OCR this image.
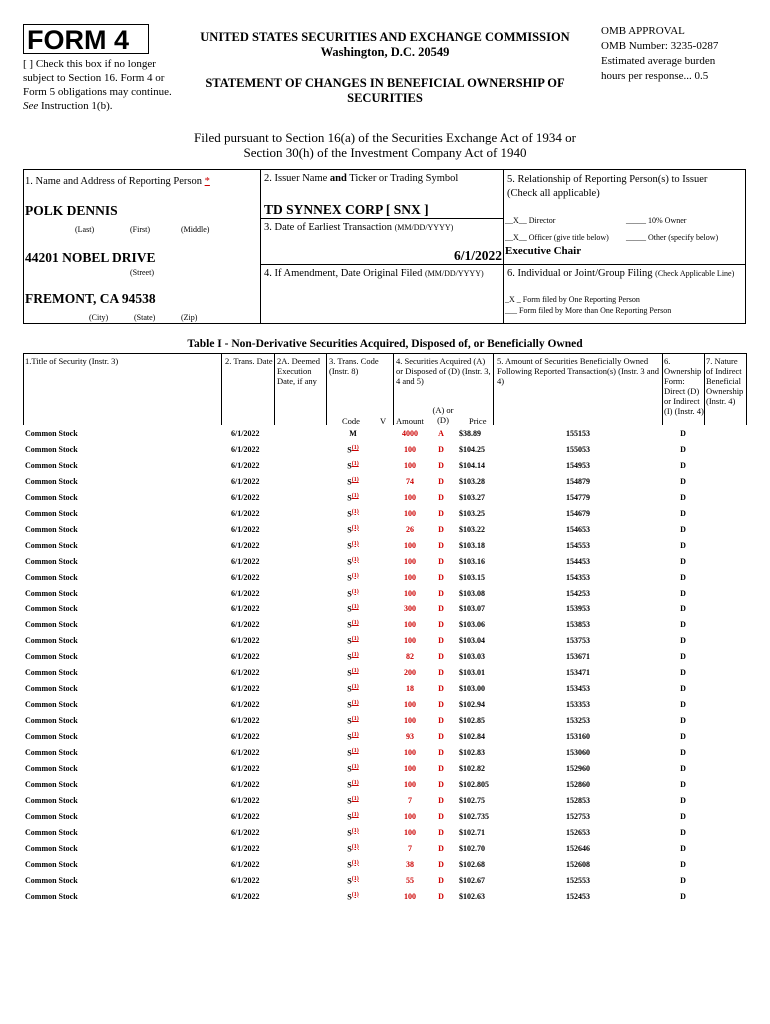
FORM 4
[ ] Check this box if no longer subject to Section 16. Form 4 or Form 5 obligations may continue. See Instruction 1(b).
UNITED STATES SECURITIES AND EXCHANGE COMMISSION
Washington, D.C. 20549
STATEMENT OF CHANGES IN BENEFICIAL OWNERSHIP OF SECURITIES
OMB APPROVAL
OMB Number: 3235-0287
Estimated average burden
hours per response... 0.5
Filed pursuant to Section 16(a) of the Securities Exchange Act of 1934 or
Section 30(h) of the Investment Company Act of 1940
1. Name and Address of Reporting Person *
POLK DENNIS
(Last)	(First)	(Middle)
44201 NOBEL DRIVE
(Street)
FREMONT, CA 94538
(City)	(State)	(Zip)
2. Issuer Name and Ticker or Trading Symbol
TD SYNNEX CORP [ SNX ]
3. Date of Earliest Transaction (MM/DD/YYYY)
6/1/2022
4. If Amendment, Date Original Filed (MM/DD/YYYY)
5. Relationship of Reporting Person(s) to Issuer
(Check all applicable)
__X__ Director	_____ 10% Owner
__X__ Officer (give title below) _____ Other (specify below)
Executive Chair
6. Individual or Joint/Group Filing (Check Applicable Line)
_X _ Form filed by One Reporting Person
___ Form filed by More than One Reporting Person
Table I - Non-Derivative Securities Acquired, Disposed of, or Beneficially Owned
1.Title of Security (Instr. 3)	2. Trans. Date 2A. Deemed Execution Date, if any
3. Trans. Code (Instr. 8)
4. Securities Acquired (A) or Disposed of (D) (Instr. 3, 4 and 5)
5. Amount of Securities Beneficially Owned Following Reported Transaction(s) (Instr. 3 and 4)
6. Ownership Form: Direct (D) or Indirect (I) (Instr. 4)
7. Nature of Indirect Beneficial Ownership (Instr. 4)
Code V Amount
(A) or (D)	Price
Common Stock	6/1/2022	M	4000	A	$38.89	155153	D
Common Stock	6/1/2022	$S^{(1)}$	100	D	$104.25	155053	D
Common Stock	6/1/2022	$S^{(1)}$	100	D	$104.14	154953	D
Common Stock	6/1/2022	$S^{(1)}$	74	D	$103.28	154879	D
Common Stock	6/1/2022	$S^{(1)}$	100	D	$103.27	154779	D
Common Stock	6/1/2022	$S^{(1)}$	100	D	$103.25	154679	D
Common Stock	6/1/2022	$S^{(1)}$	26	D	$103.22	154653	D
Common Stock	6/1/2022	$S^{(1)}$	100	D	$103.18	154553	D
Common Stock	6/1/2022	$S^{(1)}$	100	D	$103.16	154453	D
Common Stock	6/1/2022	$S^{(1)}$	100	D	$103.15	154353	D
Common Stock	6/1/2022	$S^{(1)}$	100	D	$103.08	154253	D
Common Stock	6/1/2022	$S^{(1)}$	300	D	$103.07	153953	D
Common Stock	6/1/2022	$S^{(1)}$	100	D	$103.06	153853	D
Common Stock	6/1/2022	$S^{(1)}$	100	D	$103.04	153753	D
Common Stock	6/1/2022	$S^{(1)}$	82	D	$103.03	153671	D
Common Stock	6/1/2022	$S^{(1)}$	200	D	$103.01	153471	D
Common Stock	6/1/2022	$S^{(1)}$	18	D	$103.00	153453	D
Common Stock	6/1/2022	$S^{(1)}$	100	D	$102.94	153353	D
Common Stock	6/1/2022	$S^{(1)}$	100	D	$102.85	153253	D
Common Stock	6/1/2022	$S^{(1)}$	93	D	$102.84	153160	D
Common Stock	6/1/2022	$S^{(1)}$	100	D	$102.83	153060	D
Common Stock	6/1/2022	$S^{(1)}$	100	D	$102.82	152960	D
Common Stock	6/1/2022	$S^{(1)}$	100	D	$102.805	152860	D
Common Stock	6/1/2022	$S^{(1)}$	7	D	$102.75	152853	D
Common Stock	6/1/2022	$S^{(1)}$	100	D	$102.735	152753	D
Common Stock	6/1/2022	$S^{(1)}$	100	D	$102.71	152653	D
Common Stock	6/1/2022	$S^{(1)}$	7	D	$102.70	152646	D
Common Stock	6/1/2022	$S^{(1)}$	38	D	$102.68	152608	D
Common Stock	6/1/2022	$S^{(1)}$	55	D	$102.67	152553	D
Common Stock	6/1/2022	$S^{(1)}$	100	D	$102.63	152453	D
